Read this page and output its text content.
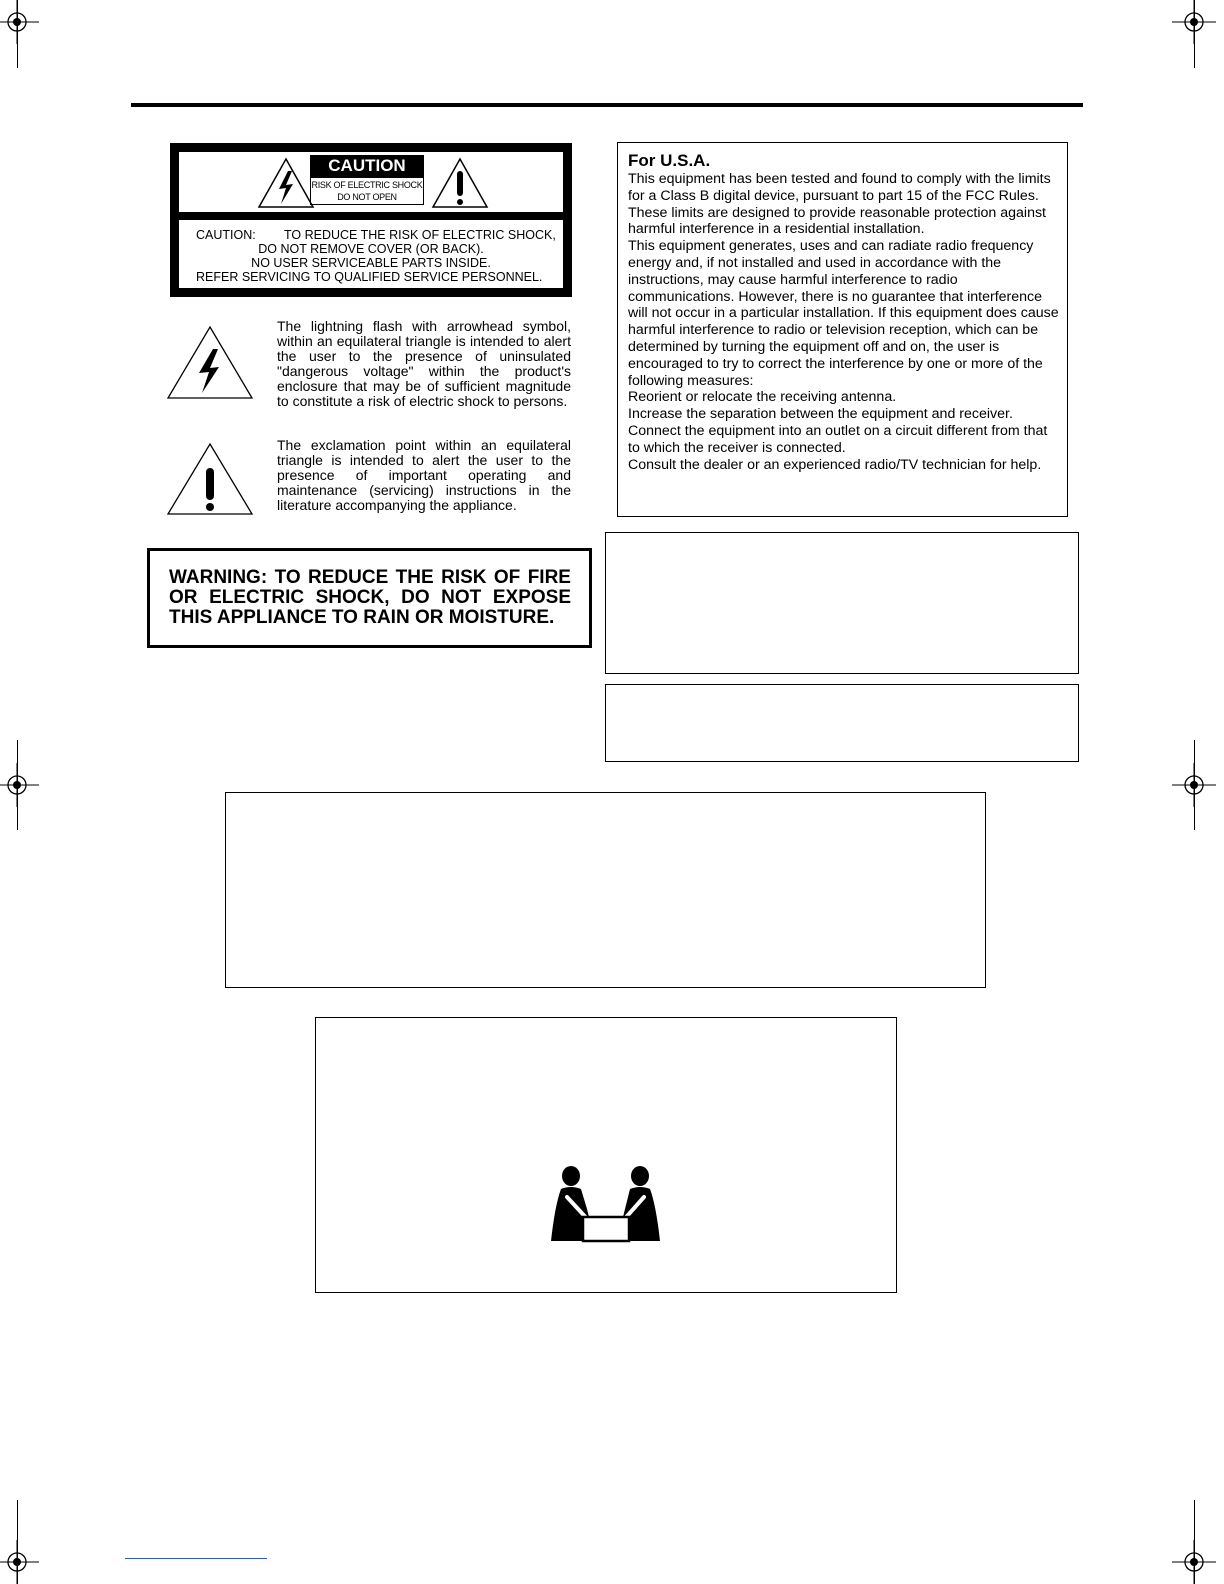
CAUTION
RISK OF ELECTRIC SHOCK
DO NOT OPEN
CAUTION: TO REDUCE THE RISK OF ELECTRIC SHOCK,
DO NOT REMOVE COVER (OR BACK).
NO USER SERVICEABLE PARTS INSIDE.
REFER SERVICING TO QUALIFIED SERVICE PERSONNEL.
The lightning flash with arrowhead symbol, within an equilateral triangle is intended to alert the user to the presence of uninsulated "dangerous voltage" within the product's enclosure that may be of sufficient magnitude to constitute a risk of electric shock to persons.
The exclamation point within an equilateral triangle is intended to alert the user to the presence of important operating and maintenance (servicing) instructions in the literature accompanying the appliance.
WARNING: TO REDUCE THE RISK OF FIRE OR ELECTRIC SHOCK, DO NOT EXPOSE THIS APPLIANCE TO RAIN OR MOISTURE.
For U.S.A.
This equipment has been tested and found to comply with the limits for a Class B digital device, pursuant to part 15 of the FCC Rules. These limits are designed to provide reasonable protection against harmful interference in a residential installation.
This equipment generates, uses and can radiate radio frequency energy and, if not installed and used in accordance with the instructions, may cause harmful interference to radio communications. However, there is no guarantee that interference will not occur in a particular installation. If this equipment does cause harmful interference to radio or television reception, which can be determined by turning the equipment off and on, the user is encouraged to try to correct the interference by one or more of the following measures:
Reorient or relocate the receiving antenna.
Increase the separation between the equipment and receiver.
Connect the equipment into an outlet on a circuit different from that to which the receiver is connected.
Consult the dealer or an experienced radio/TV technician for help.
